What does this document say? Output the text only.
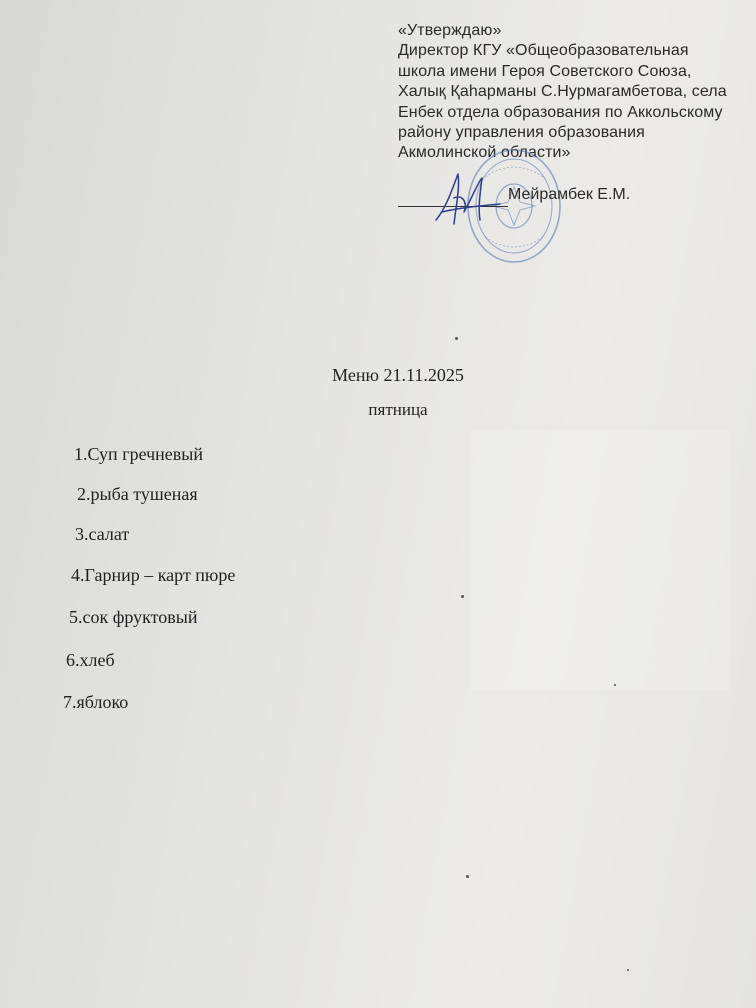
«Утверждаю»
Директор КГУ «Общеобразовательная
школа имени Героя Советского Союза,
Халық Қаһарманы С.Нурмагамбетова, села
Енбек отдела образования по Аккольскому
району управления образования
Акмолинской области»
Мейрамбек Е.М.
Меню 21.11.2025
пятница
1.Суп гречневый
2.рыба тушеная
3.салат
4.Гарнир – карт пюре
5.сок фруктовый
6.хлеб
7.яблоко
